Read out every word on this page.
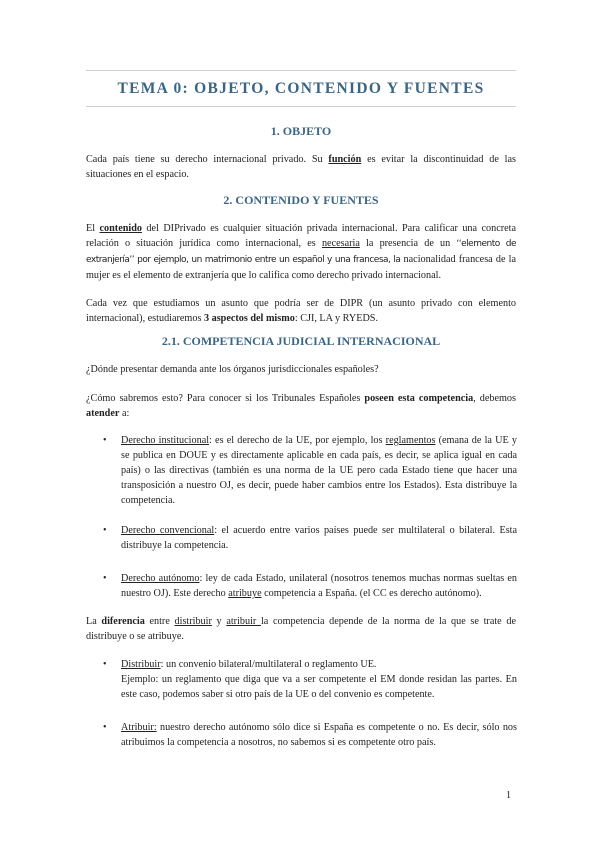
TEMA 0: OBJETO, CONTENIDO Y FUENTES
1. OBJETO

Cada país tiene su derecho internacional privado. Su función es evitar la discontinuidad de las situaciones en el espacio.

2. CONTENIDO Y FUENTES

El contenido del DIPrivado es cualquier situación privada internacional. Para calificar una concreta relación o situación jurídica como internacional, es necesaria la presencia de un ‘‘elemento de extranjería’’ por ejemplo, un matrimonio entre un español y una francesa, la nacionalidad francesa de la mujer es el elemento de extranjería que lo califica como derecho privado internacional.

Cada vez que estudiamos un asunto que podría ser de DIPR (un asunto privado con elemento internacional), estudiaremos 3 aspectos del mismo: CJI, LA y RYEDS.

2.1. COMPETENCIA JUDICIAL INTERNACIONAL

¿Dónde presentar demanda ante los órganos jurisdiccionales españoles?

¿Cómo sabremos esto? Para conocer si los Tribunales Españoles poseen esta competencia, debemos atender a:

• Derecho institucional: es el derecho de la UE, por ejemplo, los reglamentos (emana de la UE y se publica en DOUE y es directamente aplicable en cada país, es decir, se aplica igual en cada país) o las directivas (también es una norma de la UE pero cada Estado tiene que hacer una transposición a nuestro OJ, es decir, puede haber cambios entre los Estados). Esta distribuye la competencia.

• Derecho convencional: el acuerdo entre varios países puede ser multilateral o bilateral. Esta distribuye la competencia.

• Derecho autónomo: ley de cada Estado, unilateral (nosotros tenemos muchas normas sueltas en nuestro OJ). Este derecho atribuye competencia a España. (el CC es derecho autónomo).

La diferencia entre distribuir y atribuir la competencia depende de la norma de la que se trate de distribuye o se atribuye.

• Distribuir: un convenio bilateral/multilateral o reglamento UE.
Ejemplo: un reglamento que diga que va a ser competente el EM donde residan las partes. En este caso, podemos saber si otro país de la UE o del convenio es competente.

• Atribuir: nuestro derecho autónomo sólo dice si España es competente o no. Es decir, sólo nos atribuimos la competencia a nosotros, no sabemos si es competente otro país.

1
